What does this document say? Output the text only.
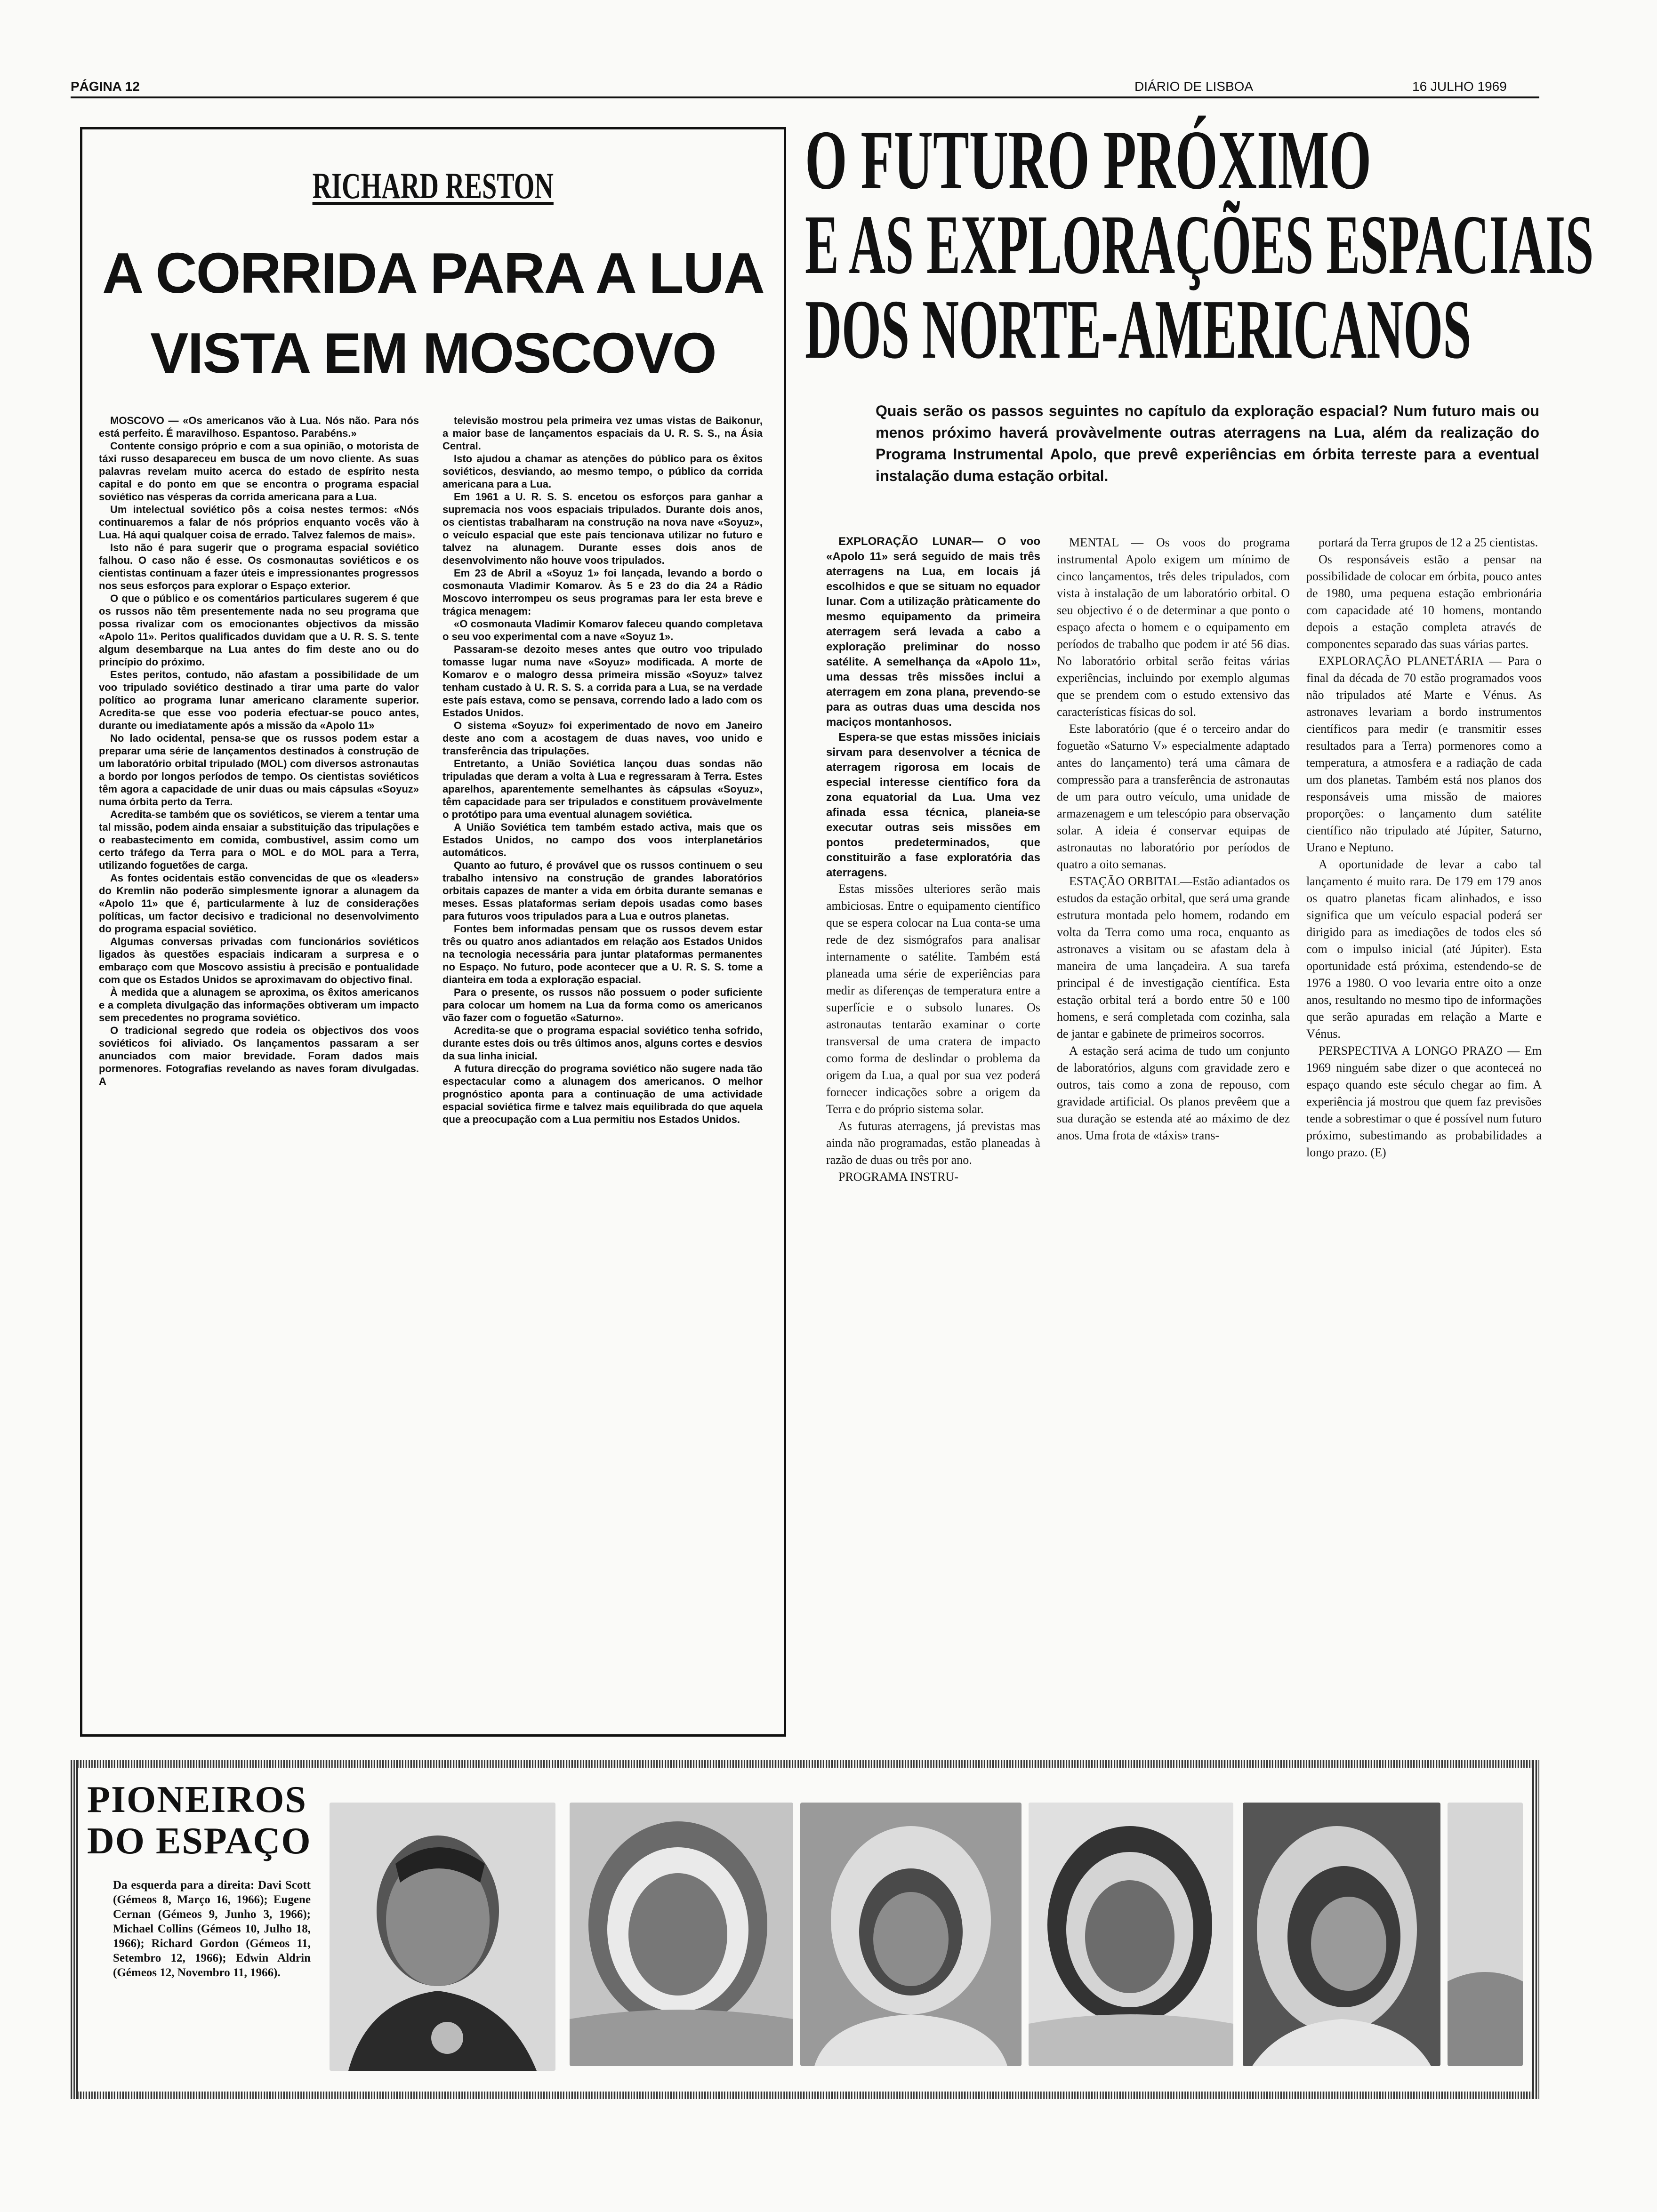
PÁGINA 12	DIÁRIO DE LISBOA	16 JULHO 1969
RICHARD RESTON
A CORRIDA PARA A LUA
VISTA EM MOSCOVO

MOSCOVO — «Os americanos vão à Lua. Nós não. Para nós está perfeito. É maravilhoso. Espantoso. Parabéns.»

Contente consigo próprio e com a sua opinião, o motorista de táxi russo desapareceu em busca de um novo cliente. As suas palavras revelam muito acerca do estado de espírito nesta capital e do ponto em que se encontra o programa espacial soviético nas vésperas da corrida americana para a Lua.

Um intelectual soviético pôs a coisa nestes termos: «Nós continuaremos a falar de nós próprios enquanto vocês vão à Lua. Há aqui qualquer coisa de errado. Talvez falemos de mais».

Isto não é para sugerir que o programa espacial soviético falhou. O caso não é esse. Os cosmonautas soviéticos e os cientistas continuam a fazer úteis e impressionantes progressos nos seus esforços para explorar o Espaço exterior.

O que o público e os comentários particulares sugerem é que os russos não têm presentemente nada no seu programa que possa rivalizar com os emocionantes objectivos da missão «Apolo 11». Peritos qualificados duvidam que a U. R. S. S. tente algum desembarque na Lua antes do fim deste ano ou do princípio do próximo.

Estes peritos, contudo, não afastam a possibilidade de um voo tripulado soviético destinado a tirar uma parte do valor político ao programa lunar americano claramente superior. Acredita-se que esse voo poderia efectuar-se pouco antes, durante ou imediatamente após a missão da «Apolo 11»

No lado ocidental, pensa-se que os russos podem estar a preparar uma série de lançamentos destinados à construção de um laboratório orbital tripulado (MOL) com diversos astronautas a bordo por longos períodos de tempo. Os cientistas soviéticos têm agora a capacidade de unir duas ou mais cápsulas «Soyuz» numa órbita perto da Terra.

Acredita-se também que os soviéticos, se vierem a tentar uma tal missão, podem ainda ensaiar a substituição das tripulações e o reabastecimento em comida, combustível, assim como um certo tráfego da Terra para o MOL e do MOL para a Terra, utilizando foguetões de carga.

As fontes ocidentais estão convencidas de que os «leaders» do Kremlin não poderão simplesmente ignorar a alunagem da «Apolo 11» que é, particularmente à luz de considerações políticas, um factor decisivo e tradicional no desenvolvimento do programa espacial soviético.

Algumas conversas privadas com funcionários soviéticos ligados às questões espaciais indicaram a surpresa e o embaraço com que Moscovo assistiu à precisão e pontualidade com que os Estados Unidos se aproximavam do objectivo final.

À medida que a alunagem se aproxima, os êxitos americanos e a completa divulgação das informações obtiveram um impacto sem precedentes no programa soviético.

O tradicional segredo que rodeia os objectivos dos voos soviéticos foi aliviado. Os lançamentos passaram a ser anunciados com maior brevidade. Foram dados mais pormenores. Fotografias revelando as naves foram divulgadas. A

televisão mostrou pela primeira vez umas vistas de Baikonur, a maior base de lançamentos espaciais da U. R. S. S., na Ásia Central.

Isto ajudou a chamar as atenções do público para os êxitos soviéticos, desviando, ao mesmo tempo, o público da corrida americana para a Lua.

Em 1961 a U. R. S. S. encetou os esforços para ganhar a supremacia nos voos espaciais tripulados. Durante dois anos, os cientistas trabalharam na construção na nova nave «Soyuz», o veículo espacial que este país tencionava utilizar no futuro e talvez na alunagem. Durante esses dois anos de desenvolvimento não houve voos tripulados.

Em 23 de Abril a «Soyuz 1» foi lançada, levando a bordo o cosmonauta Vladimir Komarov. Às 5 e 23 do dia 24 a Rádio Moscovo interrompeu os seus programas para ler esta breve e trágica menagem:

«O cosmonauta Vladimir Komarov faleceu quando completava o seu voo experimental com a nave «Soyuz 1».

Passaram-se dezoito meses antes que outro voo tripulado tomasse lugar numa nave «Soyuz» modificada. A morte de Komarov e o malogro dessa primeira missão «Soyuz» talvez tenham custado à U. R. S. S. a corrida para a Lua, se na verdade este país estava, como se pensava, correndo lado a lado com os Estados Unidos.

O sistema «Soyuz» foi experimentado de novo em Janeiro deste ano com a acostagem de duas naves, voo unido e transferência das tripulações.

Entretanto, a União Soviética lançou duas sondas não tripuladas que deram a volta à Lua e regressaram à Terra. Estes aparelhos, aparentemente semelhantes às cápsulas «Soyuz», têm capacidade para ser tripulados e constituem provàvelmente o protótipo para uma eventual alunagem soviética.

A União Soviética tem também estado activa, mais que os Estados Unidos, no campo dos voos interplanetários automáticos.

Quanto ao futuro, é provável que os russos continuem o seu trabalho intensivo na construção de grandes laboratórios orbitais capazes de manter a vida em órbita durante semanas e meses. Essas plataformas seriam depois usadas como bases para futuros voos tripulados para a Lua e outros planetas.

Fontes bem informadas pensam que os russos devem estar três ou quatro anos adiantados em relação aos Estados Unidos na tecnologia necessária para juntar plataformas permanentes no Espaço. No futuro, pode acontecer que a U. R. S. S. tome a dianteira em toda a exploração espacial.

Para o presente, os russos não possuem o poder suficiente para colocar um homem na Lua da forma como os americanos vão fazer com o foguetão «Saturno».

Acredita-se que o programa espacial soviético tenha sofrido, durante estes dois ou três últimos anos, alguns cortes e desvios da sua linha inicial.

A futura direcção do programa soviético não sugere nada tão espectacular como a alunagem dos americanos. O melhor prognóstico aponta para a continuação de uma actividade espacial soviética firme e talvez mais equilibrada do que aquela que a preocupação com a Lua permitiu nos Estados Unidos.

O FUTURO PRÓXIMO
E AS EXPLORAÇÕES ESPACIAIS
DOS NORTE-AMERICANOS
Quais serão os passos seguintes no capítulo da exploração espacial? Num futuro mais ou menos próximo haverá provàvelmente outras aterragens na Lua, além da realização do Programa Instrumental Apolo, que prevê experiências em órbita terreste para a eventual instalação duma estação orbital.

EXPLORAÇÃO LUNAR— O voo «Apolo 11» será seguido de mais três aterragens na Lua, em locais já escolhidos e que se situam no equador lunar. Com a utilização pràticamente do mesmo equipamento da primeira aterragem será levada a cabo a exploração preliminar do nosso satélite. A semelhança da «Apolo 11», uma dessas três missões inclui a aterragem em zona plana, prevendo-se para as outras duas uma descida nos maciços montanhosos.

Espera-se que estas missões iniciais sirvam para desenvolver a técnica de aterragem rigorosa em locais de especial interesse científico fora da zona equatorial da Lua. Uma vez afinada essa técnica, planeia-se executar outras seis missões em pontos predeterminados, que constituirão a fase exploratória das aterragens.

Estas missões ulteriores serão mais ambiciosas. Entre o equipamento científico que se espera colocar na Lua conta-se uma rede de dez sismógrafos para analisar internamente o satélite. Também está planeada uma série de experiências para medir as diferenças de temperatura entre a superfície e o subsolo lunares. Os astronautas tentarão examinar o corte transversal de uma cratera de impacto como forma de deslindar o problema da origem da Lua, a qual por sua vez poderá fornecer indicações sobre a origem da Terra e do próprio sistema solar.

As futuras aterragens, já previstas mas ainda não programadas, estão planeadas à razão de duas ou três por ano.

PROGRAMA INSTRU-

MENTAL — Os voos do programa instrumental Apolo exigem um mínimo de cinco lançamentos, três deles tripulados, com vista à instalação de um laboratório orbital. O seu objectivo é o de determinar a que ponto o espaço afecta o homem e o equipamento em períodos de trabalho que podem ir até 56 dias. No laboratório orbital serão feitas várias experiências, incluindo por exemplo algumas que se prendem com o estudo extensivo das características físicas do sol.

Este laboratório (que é o terceiro andar do foguetão «Saturno V» especialmente adaptado antes do lançamento) terá uma câmara de compressão para a transferência de astronautas de um para outro veículo, uma unidade de armazenagem e um telescópio para observação solar. A ideia é conservar equipas de astronautas no laboratório por períodos de quatro a oito semanas.

ESTAÇÃO ORBITAL—Estão adiantados os estudos da estação orbital, que será uma grande estrutura montada pelo homem, rodando em volta da Terra como uma roca, enquanto as astronaves a visitam ou se afastam dela à maneira de uma lançadeira. A sua tarefa principal é de investigação científica. Esta estação orbital terá a bordo entre 50 e 100 homens, e será completada com cozinha, sala de jantar e gabinete de primeiros socorros.

A estação será acima de tudo um conjunto de laboratórios, alguns com gravidade zero e outros, tais como a zona de repouso, com gravidade artificial. Os planos prevêem que a sua duração se estenda até ao máximo de dez anos. Uma frota de «táxis» trans-

portará da Terra grupos de 12 a 25 cientistas.

Os responsáveis estão a pensar na possibilidade de colocar em órbita, pouco antes de 1980, uma pequena estação embrionária com capacidade até 10 homens, montando depois a estação completa através de componentes separado das suas várias partes.

EXPLORAÇÃO PLANETÁRIA — Para o final da década de 70 estão programados voos não tripulados até Marte e Vénus. As astronaves levariam a bordo instrumentos científicos para medir (e transmitir esses resultados para a Terra) pormenores como a temperatura, a atmosfera e a radiação de cada um dos planetas. Também está nos planos dos responsáveis uma missão de maiores proporções: o lançamento dum satélite científico não tripulado até Júpiter, Saturno, Urano e Neptuno.

A oportunidade de levar a cabo tal lançamento é muito rara. De 179 em 179 anos os quatro planetas ficam alinhados, e isso significa que um veículo espacial poderá ser dirigido para as imediações de todos eles só com o impulso inicial (até Júpiter). Esta oportunidade está próxima, estendendo-se de 1976 a 1980. O voo levaria entre oito a onze anos, resultando no mesmo tipo de informações que serão apuradas em relação a Marte e Vénus.

PERSPECTIVA A LONGO PRAZO — Em 1969 ninguém sabe dizer o que aconteceá no espaço quando este século chegar ao fim. A experiência já mostrou que quem faz previsões tende a sobrestimar o que é possível num futuro próximo, subestimando as probabilidades a longo prazo. (E)

PIONEIROS
DO ESPAÇO
Da esquerda para a direita: Davi Scott (Gémeos 8, Março 16, 1966); Eugene Cernan (Gémeos 9, Junho 3, 1966); Michael Collins (Gémeos 10, Julho 18, 1966); Richard Gordon (Gémeos 11, Setembro 12, 1966); Edwin Aldrin (Gémeos 12, Novembro 11, 1966).
